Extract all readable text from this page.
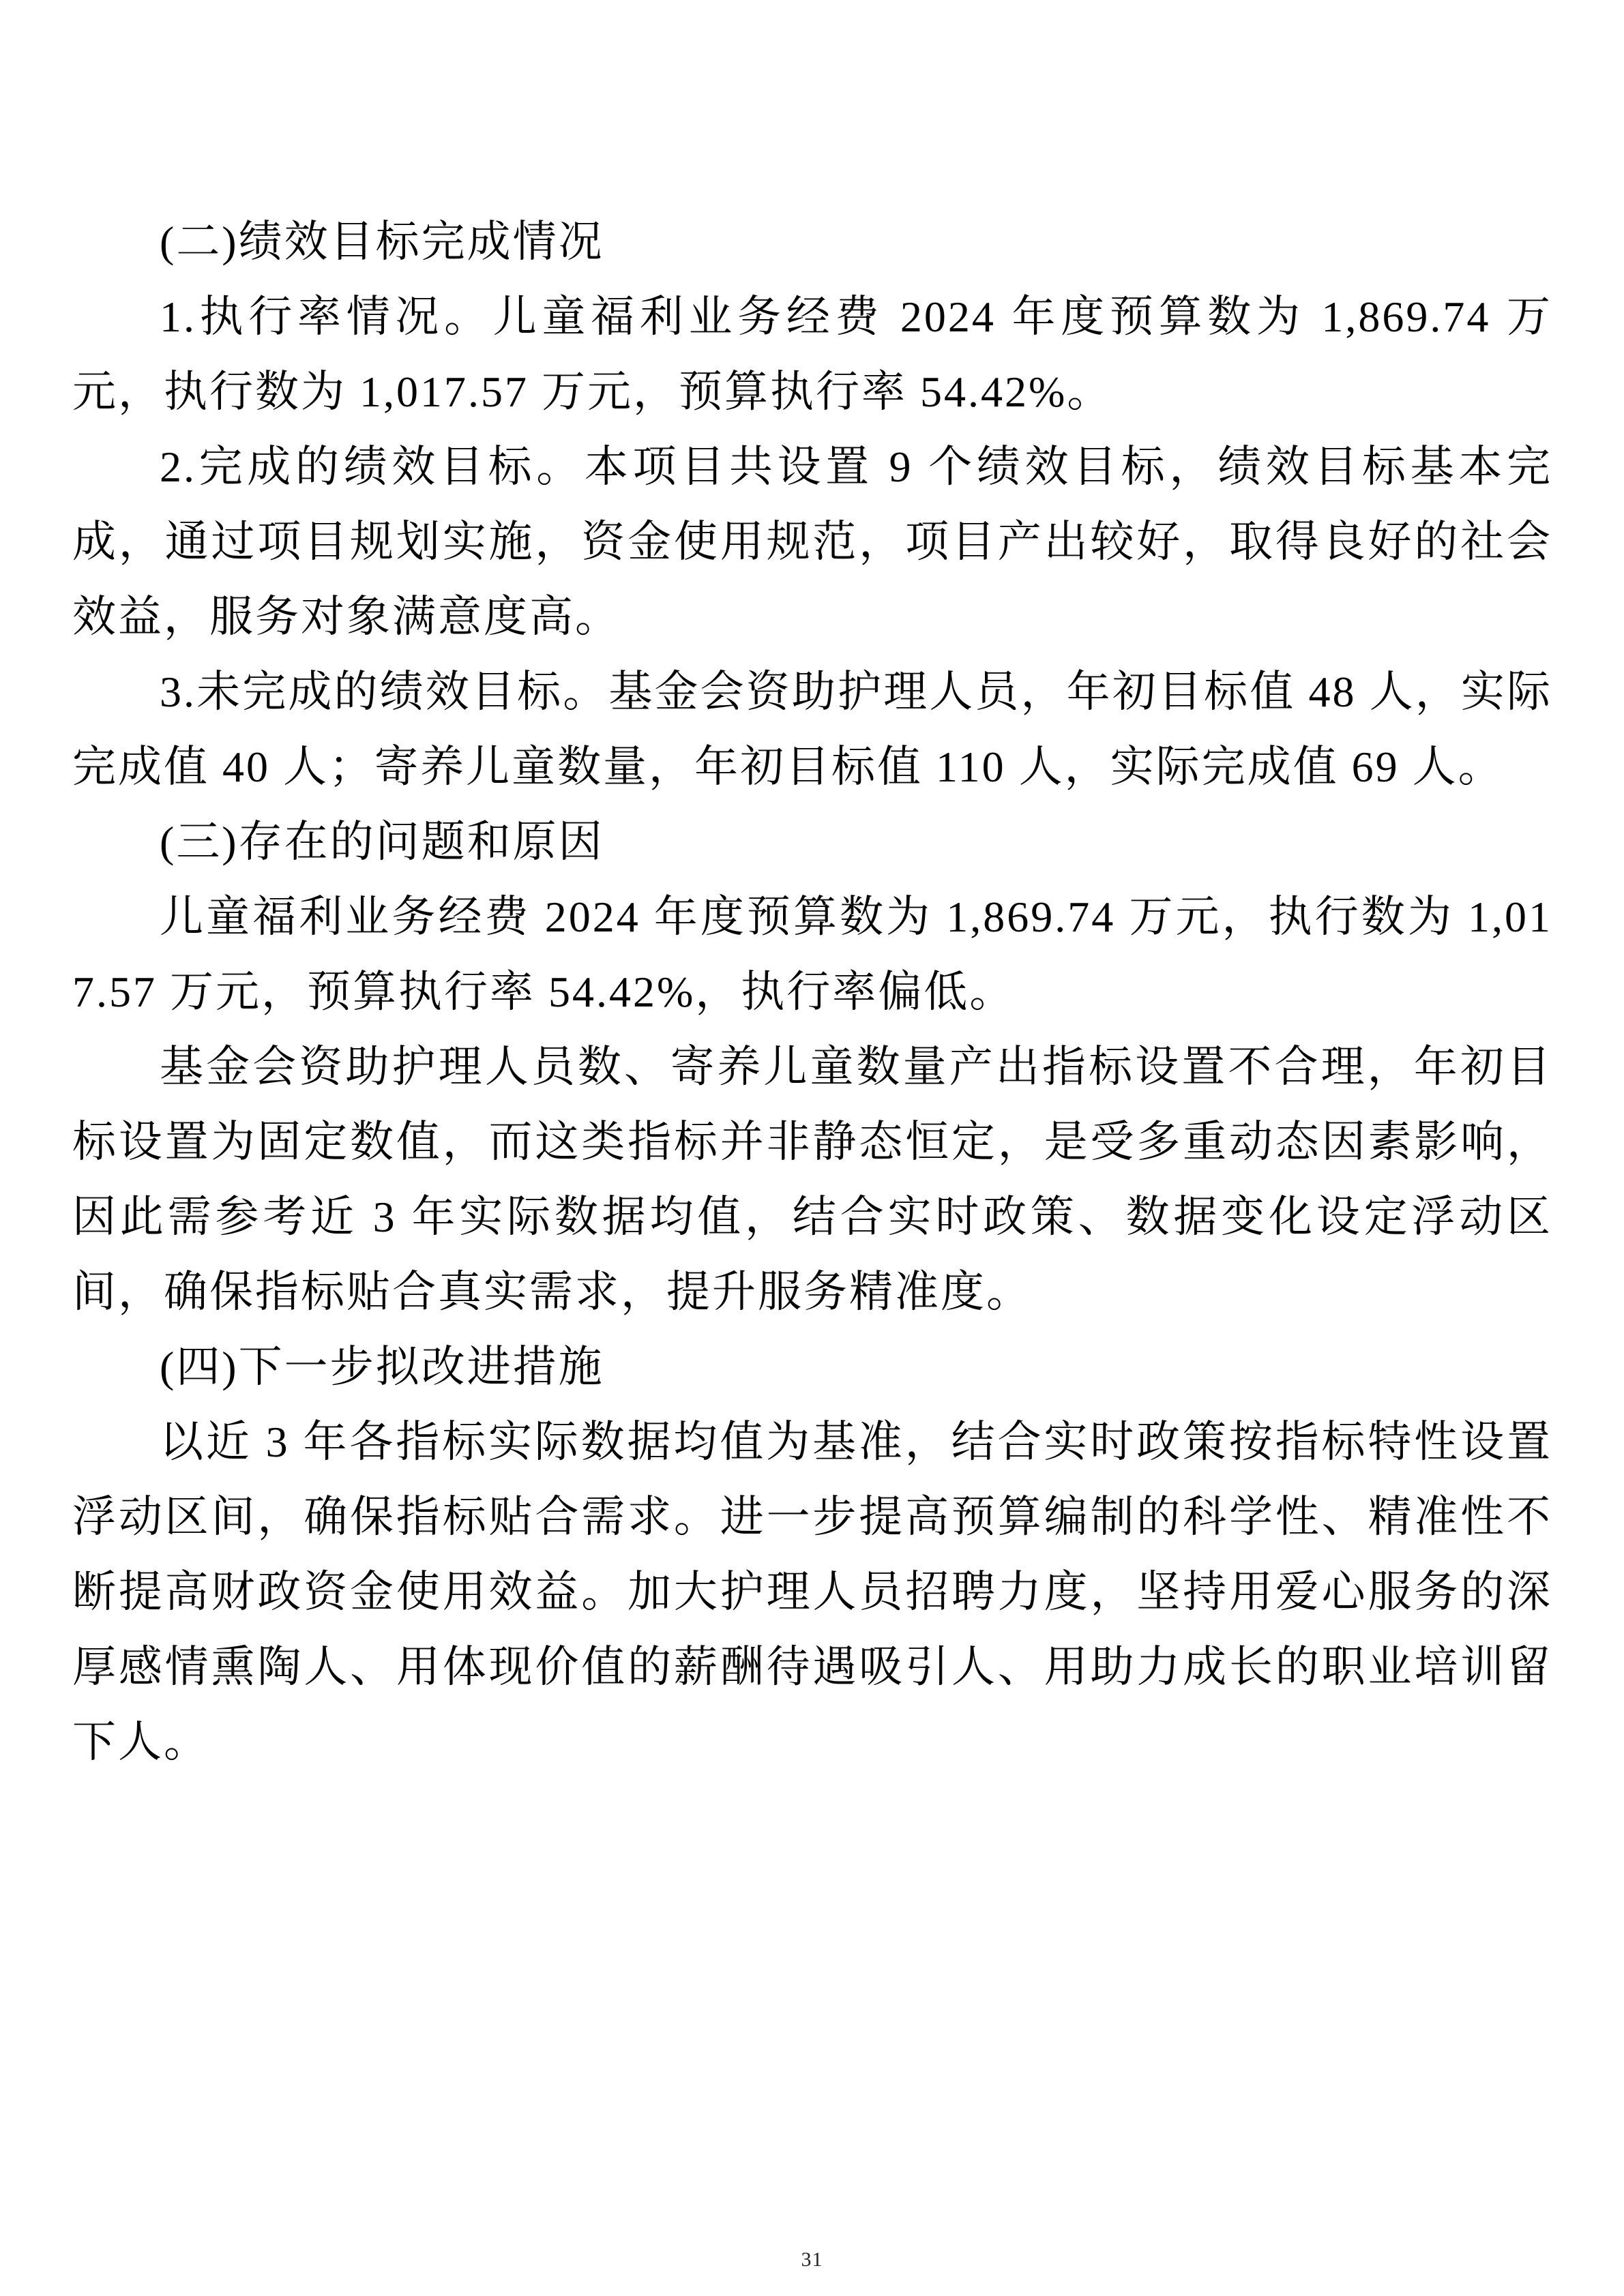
(二)绩效目标完成情况

1.执行率情况。儿童福利业务经费 2024 年度预算数为 1,869.74 万元，执行数为 1,017.57 万元，预算执行率 54.42%。

2.完成的绩效目标。本项目共设置 9 个绩效目标，绩效目标基本完成，通过项目规划实施，资金使用规范，项目产出较好，取得良好的社会效益，服务对象满意度高。

3.未完成的绩效目标。基金会资助护理人员，年初目标值 48 人，实际完成值 40 人；寄养儿童数量，年初目标值 110 人，实际完成值 69 人。

(三)存在的问题和原因

儿童福利业务经费 2024 年度预算数为 1,869.74 万元，执行数为 1,017.57 万元，预算执行率 54.42%，执行率偏低。

基金会资助护理人员数、寄养儿童数量产出指标设置不合理，年初目标设置为固定数值，而这类指标并非静态恒定，是受多重动态因素影响，因此需参考近 3 年实际数据均值，结合实时政策、数据变化设定浮动区间，确保指标贴合真实需求，提升服务精准度。

(四)下一步拟改进措施

以近 3 年各指标实际数据均值为基准，结合实时政策按指标特性设置浮动区间，确保指标贴合需求。进一步提高预算编制的科学性、精准性不断提高财政资金使用效益。加大护理人员招聘力度，坚持用爱心服务的深厚感情熏陶人、用体现价值的薪酬待遇吸引人、用助力成长的职业培训留下人。

31
